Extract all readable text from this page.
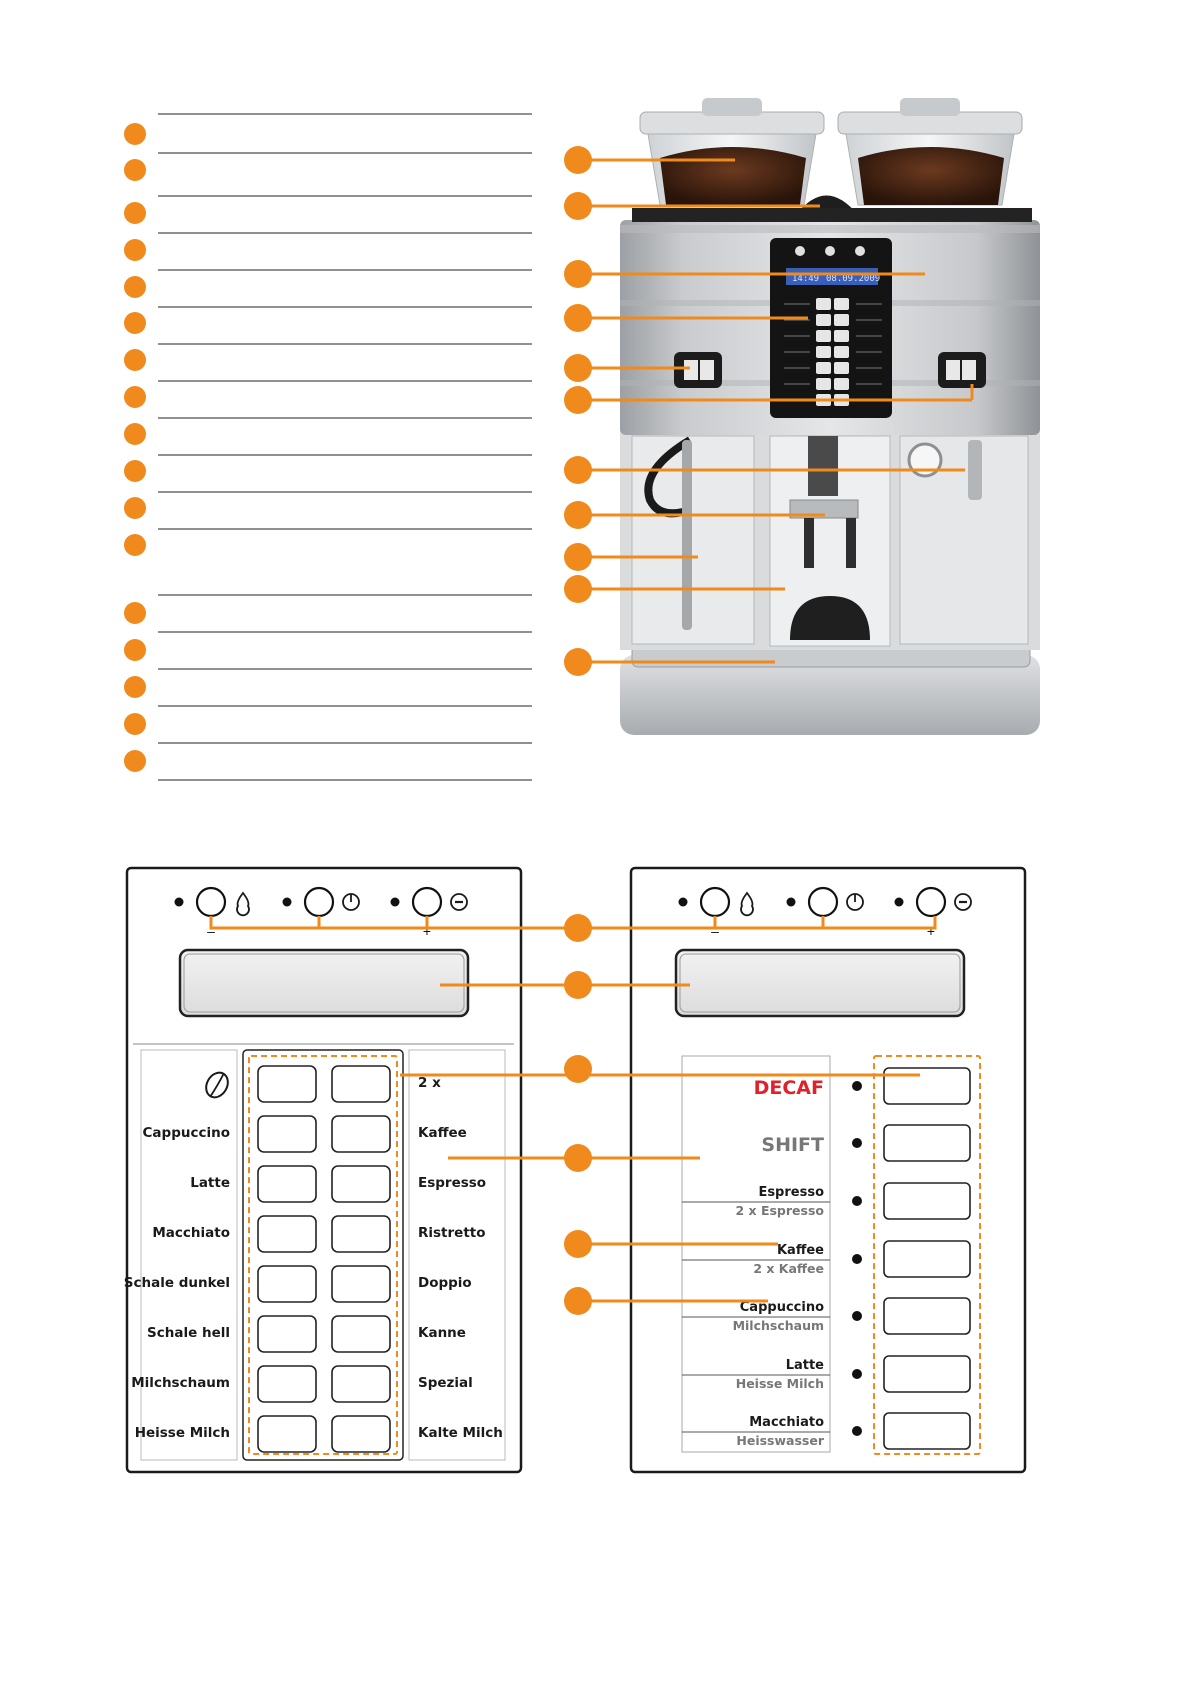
14:49 08.09.2009
–	+
Cappuccino
Latte
Macchiato
Schale dunkel
Schale hell
Milchschaum
Heisse Milch
2 x
Kaffee
Espresso
Ristretto
Doppio
Kanne
Spezial
Kalte Milch
–	+
DECAF
SHIFT
Espresso
2 x Espresso
Kaffee
2 x Kaffee
Cappuccino
Milchschaum
Latte
Heisse Milch
Macchiato
Heisswasser
